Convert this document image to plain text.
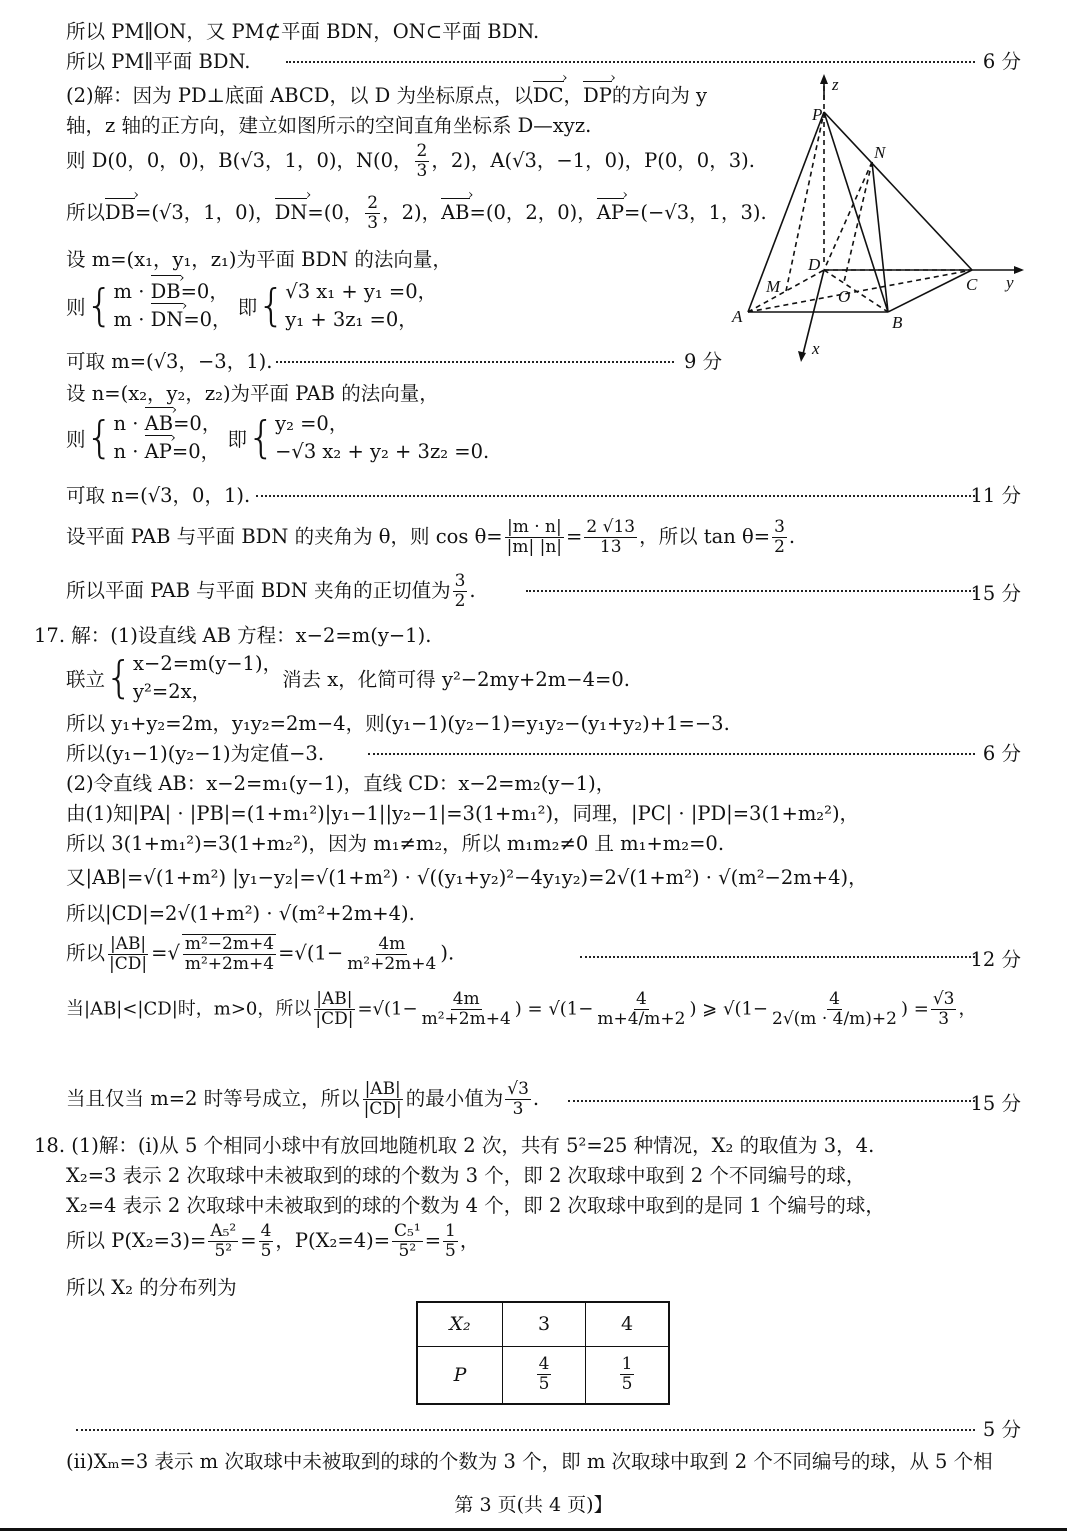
所以 PM∥ON，又 PM⊄平面 BDN，ON⊂平面 BDN.
所以 PM∥平面 BDN.	6 分
(2)解：因为 PD⊥底面 ABCD，以 D 为坐标原点，以DC ›，DP ›的方向为 y
轴，z 轴的正方向，建立如图所示的空间直角坐标系 D—xyz.
则 D(0，0，0)，B(√3，1，0)，N(0， $\frac{2}{3}$ ，2)，A(√3，−1，0)，P(0，0，3).
所以DB ›=(√3，1，0)，DN ›=(0， $\frac{2}{3}$ ，2)，AB ›=(0，2，0)，AP ›=(−√3，1，3).
设 m=(x₁，y₁，z₁)为平面 BDN 的法向量，
则{m · DB ›=0，
m · DN ›=0， 即{√3 x₁ + y₁ =0，
y₁ + 3z₁ =0，
可取 m=(√3，−3，1).	9 分
设 n=(x₂，y₂，z₂)为平面 PAB 的法向量，
则{n · AB ›=0，
n · AP ›=0， 即{y₂ =0，
−√3 x₂ + y₂ + 3z₂ =0.
可取 n=(√3，0，1).	11 分
设平面 PAB 与平面 BDN 的夹角为 θ，则 $\cos \theta= \frac{|m \cdot n|}{|m| |n|} = \frac{2 √13}{13}$ ，所以 $\tan \theta= \frac{3}{2}$ .
所以平面 PAB 与平面 BDN 夹角的正切值为 $\frac{3}{2}$ .	15 分
17. 解：(1)设直线 AB 方程：x−2=m(y−1).
联立{x−2=m(y−1)，
y²=2x，消去 x，化简可得 y²−2my+2m−4=0.
所以 y₁+y₂=2m，y₁y₂=2m−4，则(y₁−1)(y₂−1)=y₁y₂−(y₁+y₂)+1=−3.
所以(y₁−1)(y₂−1)为定值−3.	6 分
(2)令直线 AB：x−2=m₁(y−1)，直线 CD：x−2=m₂(y−1)，
由(1)知|PA| · |PB|=(1+m₁²)|y₁−1||y₂−1|=3(1+m₁²)，同理，|PC| · |PD|=3(1+m₂²)，
所以 3(1+m₁²)=3(1+m₂²)，因为 m₁≠m₂，所以 m₁m₂≠0 且 m₁+m₂=0.
又|AB|=√(1+m²) |y₁−y₂|=√(1+m²) · √((y₁+y₂)²−4y₁y₂)=2√(1+m²) · √(m²−2m+4)，
所以|CD|=2√(1+m²) · √(m²+2m+4).
所以 $\frac{|AB|}{|CD|}$ =√ $\frac{\text{m²−2m+4}}{\text{m²+2m+4}} =√(1- \frac{4m}{\text{m²+2m+4}}$ ).	12 分
当|AB|<|CD|时，m>0，所以 $\frac{|AB|}{|CD|} =√(1- \frac{4m}{\text{m²+2m+4}}$ ) = $√(1- \frac{4}{m+4/m+2}$ ) ⩾ $√(1- \frac{4}{2√(m \cdot 4/m)+2}$ ) = $\frac{√3}{3}$ ，
当且仅当 m=2 时等号成立，所以 $\frac{|AB|}{|CD|}$ 的最小值为 $\frac{√3}{3}$ .	15 分
18. (1)解：(ⅰ)从 5 个相同小球中有放回地随机取 2 次，共有 5²=25 种情况，X₂ 的取值为 3，4.
X₂=3 表示 2 次取球中未被取到的球的个数为 3 个，即 2 次取球中取到 2 个不同编号的球，
X₂=4 表示 2 次取球中未被取到的球的个数为 4 个，即 2 次取球中取到的是同 1 个编号的球，
所以 $P(X_2=3)= \frac{\text{A₅²}}{\text{5²}} = \frac{4}{5}$ ，$P(X_2=4)= \frac{\text{C₅¹}}{\text{5²}} = \frac{1}{5}$ ，
所以 X₂ 的分布列为
X₂	3	4
P	$\frac{4}{5}$	$\frac{1}{5}$
5 分
(ⅱ)Xₘ=3 表示 m 次取球中未被取到的球的个数为 3 个，即 m 次取球中取到 2 个不同编号的球，从 5 个相
第 3 页(共 4 页)】
P
N
D
M
O
A	B
C y
z
x
